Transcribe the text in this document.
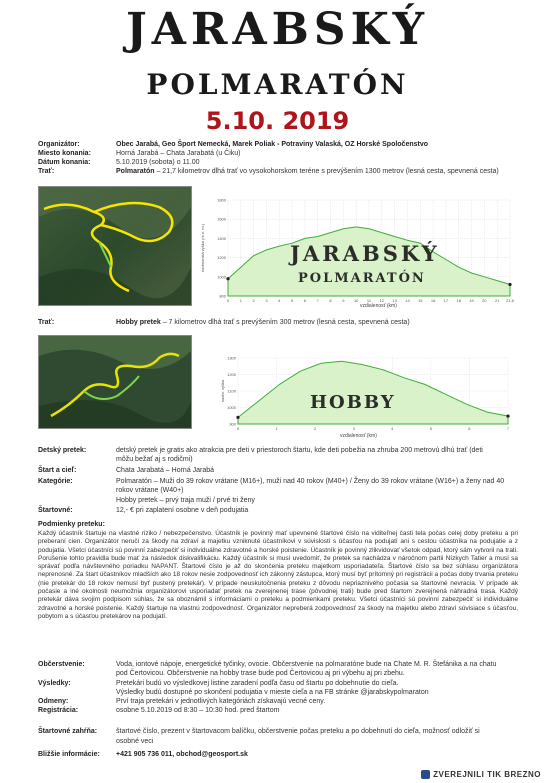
JARABSKÝ
POLMARATÓN
5.10. 2019
Organizátor:	Obec Jarabá, Geo Šport Nemecká, Marek Poliak - Potraviny Valaská, OZ Horské Spoločenstvo
Miesto konania:	Horná Jarabá – Chata Jarabatá (u Čiku)
Dátum konania:	5.10.2019 (sobota) o 11.00
Trať:	Polmaratón – 21,7 kilometrov dlhá trať vo vysokohorskom teréne s prevýšením 1300 metrov (lesná cesta, spevnená cesta)
1800
1600
1400
1200
1000
800
0	1	2	3	4	5	6	7	8	9 10 11 12 13 14 15 16 17 18 19 20 21 21,6
nadmorská výška (m n. m.)	JARABSKÝ
POLMARATÓN
vzdialenosť (km)
Trať:	Hobby pretek – 7 kilometrov dlhá trať s prevýšením 300 metrov (lesná cesta, spevnená cesta)
1300
1200
1100
1000
900
0	1	2	3	4	5	6	7
nadm. výška
HOBBY
vzdialenosť (km)
Detský pretek:	detský pretek je gratis ako atrakcia pre deti v priestoroch štartu, kde deti pobežia na zhruba 200 metrovú dlhú trať (deti
môžu bežať aj s rodičmi)
Štart a cieľ:	Chata Jarabatá – Horná Jarabá
Kategórie:	Polmaratón – Muži do 39 rokov vrátane (M16+), muži nad 40 rokov (M40+) / Ženy do 39 rokov vrátane (W16+) a ženy nad 40
rokov vrátane (W40+)
Hobby pretek – prvý traja muži / prvé tri ženy
Štartovné:	12,- € pri zaplatení osobne v deň podujatia
Podmienky preteku:
Každý účastník štartuje na vlastné riziko / nebezpečenstvo. Účastník je povinný mať upevnené štartové číslo na viditeľnej časti tela počas celej doby preteku a pri preberaní cien. Organizátor neručí za škody na zdraví a majetku vzniknuté účastníkovi v súvislosti s účasťou na podujatí ani s cestou účastníka na podujatie a z podujatia. Všetci účastníci sú povinní zabezpečiť si individuálne zdravotné a horské poistenie. Účastník je povinný zlikvidovať všetok odpad, ktorý sám vytvoril na trati. Porušenie tohto pravidla bude mať za následok diskvalifikáciu. Každý účastník si musí uvedomiť, že pretek sa nachádza v náročnom partii Nízkych Tatier a musí sa správať podľa návštevného poriadku NAPANT. Štartové číslo je až do skončenia preteku majetkom usporiadateľa. Štartové číslo sa bez súhlasu organizátora neprenosné. Za štart účastníkov mladších ako 18 rokov nesie zodpovednosť ich zákonný zástupca, ktorý musí byť prítomný pri registrácii a počas doby trvania preteku (nie pretekár do 18 rokov nemusí byť pustený pretekár). V prípade neuskutočnenia preteku z dôvodu nepriaznivého počasia sa štartovné nevracia. V prípade ak počasie a iné okolnosti neumožnia organizátorovi usporiadať pretek na zverejnenej trase (pôvodnej trati) bude pred štartom zverejnená náhradná trasa. Každý pretekár dáva svojím podpisom súhlas, že sa oboznámil s informáciami o preteku a podmienkami preteku. Všetci účastníci sú povinní zabezpečiť si individuálne zdravotné a horské poistenie. Každý štartuje na vlastnú zodpovednosť. Organizátor nepreberá zodpovednosť za škody na majetku alebo zdraví súvisiace s účasťou, pobytom a s účasťou pretekárov na podujatí.
Občerstvenie:	Voda, iontové nápoje, energetické tyčinky, ovocie. Občerstvenie na polmaratóne bude na Chate M. R. Štefánika a na chatu
pod Čertovicou. Občerstvenie na hobby trase bude pod Čertovicou aj pri výbehu aj pri zbehu.
Výsledky:	Pretekári budú vo výsledkovej listine zaradení podľa času od štartu po dobehnutie do cieľa.
Výsledky budú dostupné po skončení podujatia v mieste cieľa a na FB stránke @jarabskypolmaraton
Odmeny:	Prví traja pretekári v jednotlivých kategóriách získavajú vecné ceny.
Registrácia:	osobne 5.10.2019 od 8:30 – 10:30 hod. pred štartom
Štartovné zahŕňa:	štartové číslo, prezent v štartovacom balíčku, občerstvenie počas preteku a po dobehnutí do cieľa, možnosť odložiť si
osobné veci
Bližšie informácie: +421 905 736 011, obchod@geosport.sk
ZVEREJNILI TIK BREZNO
